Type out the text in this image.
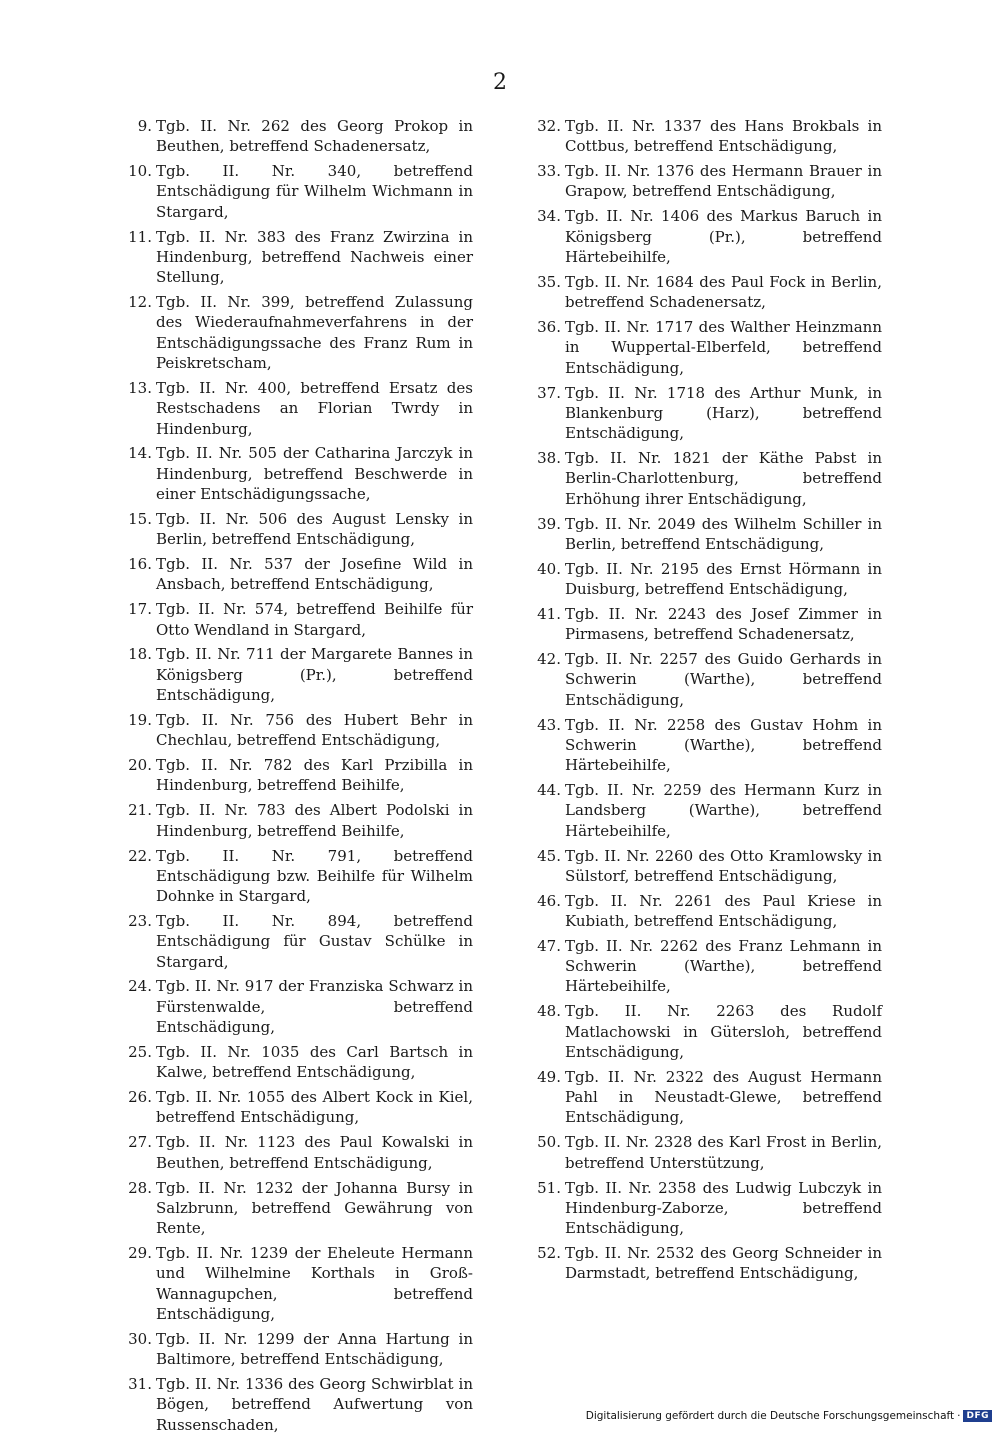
2
9. Tgb. II. Nr. 262 des Georg Prokop in Beuthen, betreffend Schadenersatz,
10. Tgb. II. Nr. 340, betreffend Entschädigung für Wilhelm Wichmann in Stargard,
11. Tgb. II. Nr. 383 des Franz Zwirzina in Hindenburg, betreffend Nachweis einer Stellung,
12. Tgb. II. Nr. 399, betreffend Zulassung des Wiederaufnahmeverfahrens in der Entschädigungssache des Franz Rum in Peiskretscham,
13. Tgb. II. Nr. 400, betreffend Ersatz des Restschadens an Florian Twrdy in Hindenburg,
14. Tgb. II. Nr. 505 der Catharina Jarczyk in Hindenburg, betreffend Beschwerde in einer Entschädigungssache,
15. Tgb. II. Nr. 506 des August Lensky in Berlin, betreffend Entschädigung,
16. Tgb. II. Nr. 537 der Josefine Wild in Ansbach, betreffend Entschädigung,
17. Tgb. II. Nr. 574, betreffend Beihilfe für Otto Wendland in Stargard,
18. Tgb. II. Nr. 711 der Margarete Bannes in Königsberg (Pr.), betreffend Entschädigung,
19. Tgb. II. Nr. 756 des Hubert Behr in Chechlau, betreffend Entschädigung,
20. Tgb. II. Nr. 782 des Karl Przibilla in Hindenburg, betreffend Beihilfe,
21. Tgb. II. Nr. 783 des Albert Podolski in Hindenburg, betreffend Beihilfe,
22. Tgb. II. Nr. 791, betreffend Entschädigung bzw. Beihilfe für Wilhelm Dohnke in Stargard,
23. Tgb. II. Nr. 894, betreffend Entschädigung für Gustav Schülke in Stargard,
24. Tgb. II. Nr. 917 der Franziska Schwarz in Fürstenwalde, betreffend Entschädigung,
25. Tgb. II. Nr. 1035 des Carl Bartsch in Kalwe, betreffend Entschädigung,
26. Tgb. II. Nr. 1055 des Albert Kock in Kiel, betreffend Entschädigung,
27. Tgb. II. Nr. 1123 des Paul Kowalski in Beuthen, betreffend Entschädigung,
28. Tgb. II. Nr. 1232 der Johanna Bursy in Salzbrunn, betreffend Gewährung von Rente,
29. Tgb. II. Nr. 1239 der Eheleute Hermann und Wilhelmine Korthals in Groß-Wannagupchen, betreffend Entschädigung,
30. Tgb. II. Nr. 1299 der Anna Hartung in Baltimore, betreffend Entschädigung,
31. Tgb. II. Nr. 1336 des Georg Schwirblat in Bögen, betreffend Aufwertung von Russenschaden,
32. Tgb. II. Nr. 1337 des Hans Brokbals in Cottbus, betreffend Entschädigung,
33. Tgb. II. Nr. 1376 des Hermann Brauer in Grapow, betreffend Entschädigung,
34. Tgb. II. Nr. 1406 des Markus Baruch in Königsberg (Pr.), betreffend Härtebeihilfe,
35. Tgb. II. Nr. 1684 des Paul Fock in Berlin, betreffend Schadenersatz,
36. Tgb. II. Nr. 1717 des Walther Heinzmann in Wuppertal-Elberfeld, betreffend Entschädigung,
37. Tgb. II. Nr. 1718 des Arthur Munk, in Blankenburg (Harz), betreffend Entschädigung,
38. Tgb. II. Nr. 1821 der Käthe Pabst in Berlin-Charlottenburg, betreffend Erhöhung ihrer Entschädigung,
39. Tgb. II. Nr. 2049 des Wilhelm Schiller in Berlin, betreffend Entschädigung,
40. Tgb. II. Nr. 2195 des Ernst Hörmann in Duisburg, betreffend Entschädigung,
41. Tgb. II. Nr. 2243 des Josef Zimmer in Pirmasens, betreffend Schadenersatz,
42. Tgb. II. Nr. 2257 des Guido Gerhards in Schwerin (Warthe), betreffend Entschädigung,
43. Tgb. II. Nr. 2258 des Gustav Hohm in Schwerin (Warthe), betreffend Härtebeihilfe,
44. Tgb. II. Nr. 2259 des Hermann Kurz in Landsberg (Warthe), betreffend Härtebeihilfe,
45. Tgb. II. Nr. 2260 des Otto Kramlowsky in Sülstorf, betreffend Entschädigung,
46. Tgb. II. Nr. 2261 des Paul Kriese in Kubiath, betreffend Entschädigung,
47. Tgb. II. Nr. 2262 des Franz Lehmann in Schwerin (Warthe), betreffend Härtebeihilfe,
48. Tgb. II. Nr. 2263 des Rudolf Matlachowski in Gütersloh, betreffend Entschädigung,
49. Tgb. II. Nr. 2322 des August Hermann Pahl in Neustadt-Glewe, betreffend Entschädigung,
50. Tgb. II. Nr. 2328 des Karl Frost in Berlin, betreffend Unterstützung,
51. Tgb. II. Nr. 2358 des Ludwig Lubczyk in Hindenburg-Zaborze, betreffend Entschädigung,
52. Tgb. II. Nr. 2532 des Georg Schneider in Darmstadt, betreffend Entschädigung,
Digitalisierung gefördert durch die Deutsche Forschungsgemeinschaft · DFG
